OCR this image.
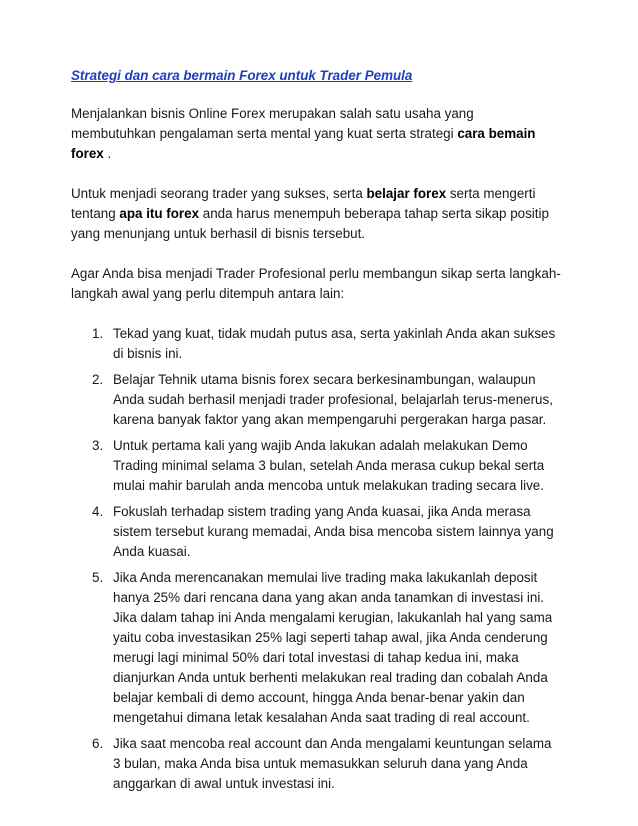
Strategi dan cara bermain Forex untuk Trader Pemula

Menjalankan bisnis Online Forex merupakan salah satu usaha yang membutuhkan pengalaman serta mental yang kuat serta strategi cara bemain forex .

Untuk menjadi seorang trader yang sukses, serta belajar forex serta mengerti tentang apa itu forex anda harus menempuh beberapa tahap serta sikap positip yang menunjang untuk berhasil di bisnis tersebut.

Agar Anda bisa menjadi Trader Profesional perlu membangun sikap serta langkah-langkah awal yang perlu ditempuh antara lain:

1. Tekad yang kuat, tidak mudah putus asa, serta yakinlah Anda akan sukses di bisnis ini.
2. Belajar Tehnik utama bisnis forex secara berkesinambungan, walaupun Anda sudah berhasil menjadi trader profesional, belajarlah terus-menerus, karena banyak faktor yang akan mempengaruhi pergerakan harga pasar.
3. Untuk pertama kali yang wajib Anda lakukan adalah melakukan Demo Trading minimal selama 3 bulan, setelah Anda merasa cukup bekal serta mulai mahir barulah anda mencoba untuk melakukan trading secara live.
4. Fokuslah terhadap sistem trading yang Anda kuasai, jika Anda merasa sistem tersebut kurang memadai, Anda bisa mencoba sistem lainnya yang Anda kuasai.
5. Jika Anda merencanakan memulai live trading maka lakukanlah deposit hanya 25% dari rencana dana yang akan anda tanamkan di investasi ini. Jika dalam tahap ini Anda mengalami kerugian, lakukanlah hal yang sama yaitu coba investasikan 25% lagi seperti tahap awal, jika Anda cenderung merugi lagi minimal 50% dari total investasi di tahap kedua ini, maka dianjurkan Anda untuk berhenti melakukan real trading dan cobalah Anda belajar kembali di demo account, hingga Anda benar-benar yakin dan mengetahui dimana letak kesalahan Anda saat trading di real account.
6. Jika saat mencoba real account dan Anda mengalami keuntungan selama 3 bulan, maka Anda bisa untuk memasukkan seluruh dana yang Anda anggarkan di awal untuk investasi ini.
